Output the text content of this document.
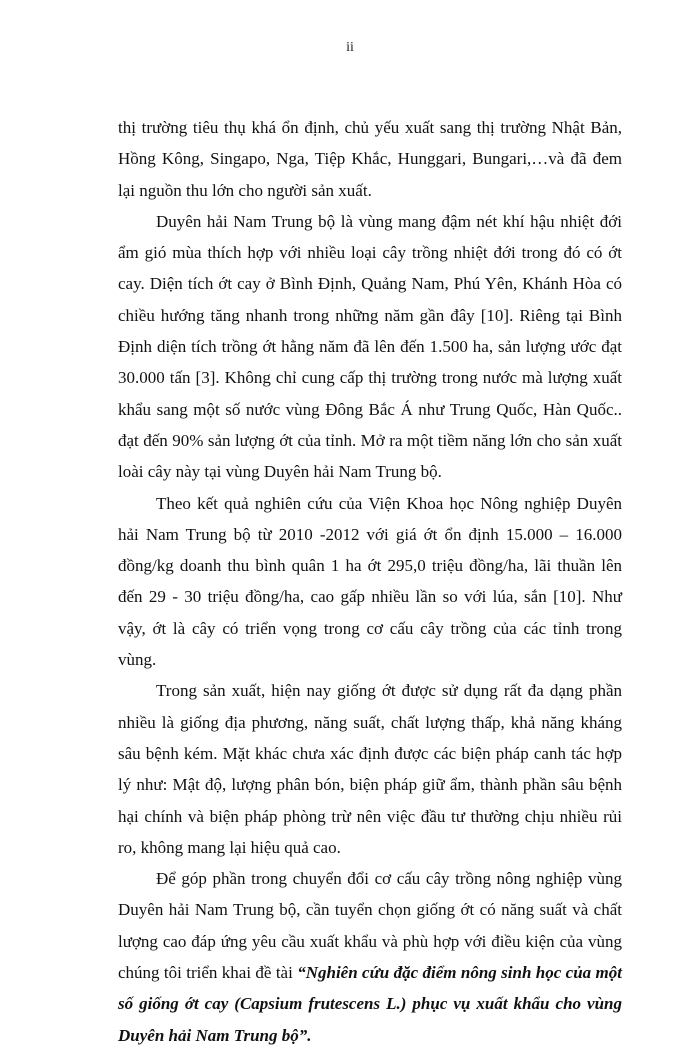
ii

thị trường tiêu thụ khá ổn định, chủ yếu xuất sang thị trường Nhật Bản, Hồng Kông, Singapo, Nga, Tiệp Khắc, Hunggari, Bungari,…và đã đem lại nguồn thu lớn cho người sản xuất.

Duyên hải Nam Trung bộ là vùng mang đậm nét khí hậu nhiệt đới ẩm gió mùa thích hợp với nhiều loại cây trồng nhiệt đới trong đó có ớt cay. Diện tích ớt cay ở Bình Định, Quảng Nam, Phú Yên, Khánh Hòa có chiều hướng tăng nhanh trong những năm gần đây [10]. Riêng tại Bình Định diện tích trồng ớt hằng năm đã lên đến 1.500 ha, sản lượng ước đạt 30.000 tấn [3]. Không chỉ cung cấp thị trường trong nước mà lượng xuất khẩu sang một số nước vùng Đông Bắc Á như Trung Quốc, Hàn Quốc.. đạt đến 90% sản lượng ớt của tỉnh. Mở ra một tiềm năng lớn cho sản xuất loài cây này tại vùng Duyên hải Nam Trung bộ.

Theo kết quả nghiên cứu của Viện Khoa học Nông nghiệp Duyên hải Nam Trung bộ từ 2010 -2012 với giá ớt ổn định 15.000 – 16.000 đồng/kg doanh thu bình quân 1 ha ớt 295,0 triệu đồng/ha, lãi thuần lên đến 29 - 30 triệu đồng/ha, cao gấp nhiều lần so với lúa, sắn [10]. Như vậy, ớt là cây có triển vọng trong cơ cấu cây trồng của các tỉnh trong vùng.

Trong sản xuất, hiện nay giống ớt được sử dụng rất đa dạng phần nhiều là giống địa phương, năng suất, chất lượng thấp, khả năng kháng sâu bệnh kém. Mặt khác chưa xác định được các biện pháp canh tác hợp lý như: Mật độ, lượng phân bón, biện pháp giữ ẩm, thành phần sâu bệnh hại chính và biện pháp phòng trừ nên việc đầu tư thường chịu nhiều rủi ro, không mang lại hiệu quả cao.

Để góp phần trong chuyển đổi cơ cấu cây trồng nông nghiệp vùng Duyên hải Nam Trung bộ, cần tuyển chọn giống ớt có năng suất và chất lượng cao đáp ứng yêu cầu xuất khẩu và phù hợp với điều kiện của vùng chúng tôi triển khai đề tài “Nghiên cứu đặc điểm nông sinh học của một số giống ớt cay (Capsium frutescens L.) phục vụ xuất khẩu cho vùng Duyên hải Nam Trung bộ”.
